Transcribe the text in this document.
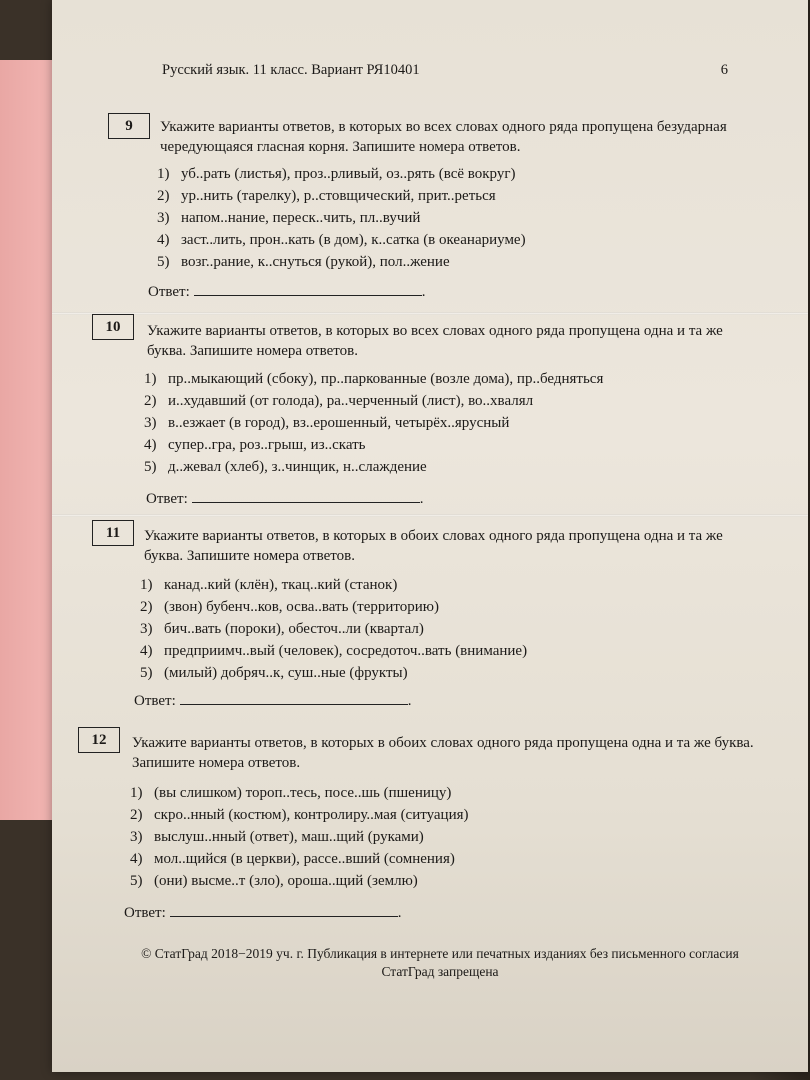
Русский язык. 11 класс. Вариант РЯ10401	6
9	Укажите варианты ответов, в которых во всех словах одного ряда пропущена безударная чередующаяся гласная корня. Запишите номера ответов.
1) уб..рать (листья), проз..рливый, оз..рять (всё вокруг)
2) ур..нить (тарелку), р..стовщический, прит..реться
3) напом..нание, переск..чить, пл..вучий
4) заст..лить, прон..кать (в дом), к..сатка (в океанариуме)
5) возг..рание, к..снуться (рукой), пол..жение
Ответ:	.
10	Укажите варианты ответов, в которых во всех словах одного ряда пропущена одна и та же буква. Запишите номера ответов.
1) пр..мыкающий (сбоку), пр..паркованные (возле дома), пр..бедняться
2) и..худавший (от голода), ра..черченный (лист), во..хвалял
3) в..езжает (в город), вз..ерошенный, четырёх..ярусный
4) супер..гра, роз..грыш, из..скать
5) д..жевал (хлеб), з..чинщик, н..слаждение
Ответ:	.
11	Укажите варианты ответов, в которых в обоих словах одного ряда пропущена одна и та же буква. Запишите номера ответов.
1) канад..кий (клён), ткац..кий (станок)
2) (звон) бубенч..ков, осва..вать (территорию)
3) бич..вать (пороки), обесточ..ли (квартал)
4) предприимч..вый (человек), сосредоточ..вать (внимание)
5) (милый) добряч..к, суш..ные (фрукты)
Ответ:	.
12	Укажите варианты ответов, в которых в обоих словах одного ряда пропущена одна и та же буква. Запишите номера ответов.
1) (вы слишком) тороп..тесь, посе..шь (пшеницу)
2) скро..нный (костюм), контролиру..мая (ситуация)
3) выслуш..нный (ответ), маш..щий (руками)
4) мол..щийся (в церкви), рассе..вший (сомнения)
5) (они) высме..т (зло), ороша..щий (землю)
Ответ:	.
© СтатГрад 2018−2019 уч. г. Публикация в интернете или печатных изданиях без письменного согласия СтатГрад запрещена
